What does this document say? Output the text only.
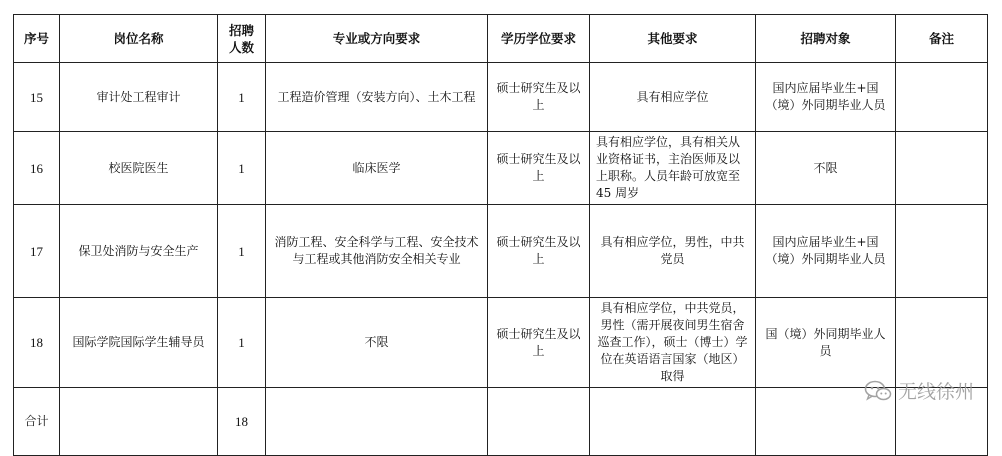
序号	岗位名称	招聘人数	专业或方向要求	学历学位要求	其他要求	招聘对象	备注
15	审计处工程审计	1	工程造价管理（安装方向）、土木工程	硕士研究生及以上	具有相应学位	国内应届毕业生+国（境）外同期毕业人员	
16	校医院医生	1	临床医学	硕士研究生及以上	具有相应学位，具有相关从业资格证书，主治医师及以上职称。人员年龄可放宽至 45 周岁	不限	
17	保卫处消防与安全生产	1	消防工程、安全科学与工程、安全技术与工程或其他消防安全相关专业	硕士研究生及以上	具有相应学位，男性，中共党员	国内应届毕业生+国（境）外同期毕业人员	
18	国际学院国际学生辅导员	1	不限	硕士研究生及以上	具有相应学位，中共党员，男性（需开展夜间男生宿舍巡查工作），硕士（博士）学位在英语语言国家（地区）取得	国（境）外同期毕业人员	
合计		18					
无线徐州
